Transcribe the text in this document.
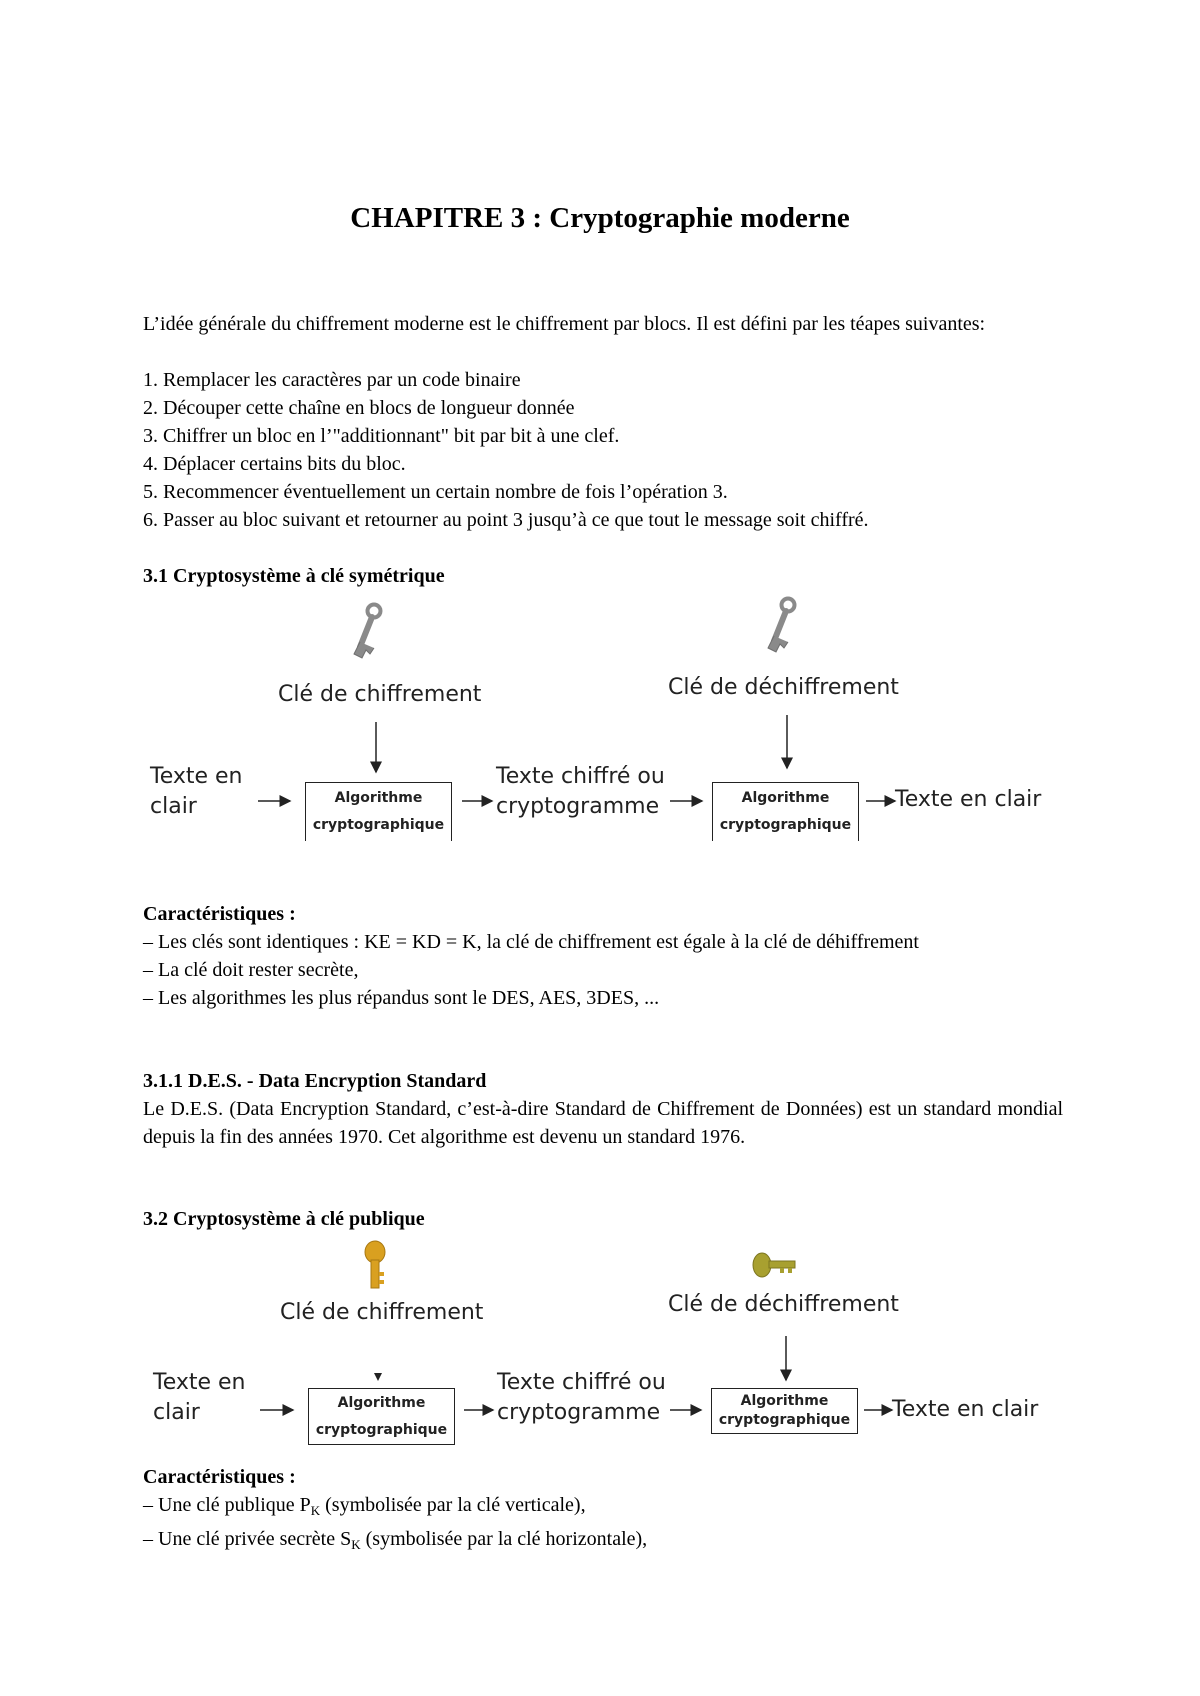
CHAPITRE 3 : Cryptographie moderne
L’idée générale du chiffrement moderne est le chiffrement par blocs. Il est défini par les téapes suivantes:
1. Remplacer les caractères par un code binaire
2. Découper cette chaîne en blocs de longueur donnée
3. Chiffrer un bloc en l’"additionnant" bit par bit à une clef.
4. Déplacer certains bits du bloc.
5. Recommencer éventuellement un certain nombre de fois l’opération 3.
6. Passer au bloc suivant et retourner au point 3 jusqu’à ce que tout le message soit chiffré.
3.1 Cryptosystème à clé symétrique
Clé de chiffrement	Clé de déchiffrement
Texte en
clair	Algorithme
cryptographique
Texte chiffré ou
cryptogramme	Algorithme
cryptographique
Texte en clair
Caractéristiques :
– Les clés sont identiques : KE = KD = K, la clé de chiffrement est égale à la clé de déhiffrement
– La clé doit rester secrète,
– Les algorithmes les plus répandus sont le DES, AES, 3DES, ...
3.1.1 D.E.S. - Data Encryption Standard
Le D.E.S. (Data Encryption Standard, c’est-à-dire Standard de Chiffrement de Données) est un standard mondial depuis la fin des années 1970. Cet algorithme est devenu un standard 1976.
3.2 Cryptosystème à clé publique
Clé de chiffrement	Clé de déchiffrement
Texte en
clair	Algorithme
cryptographique
Texte chiffré ou
cryptogramme	Algorithme
cryptographique	Texte en clair
Caractéristiques :
– Une clé publique $P_K$ (symbolisée par la clé verticale),
– Une clé privée secrète $S_K$ (symbolisée par la clé horizontale),
